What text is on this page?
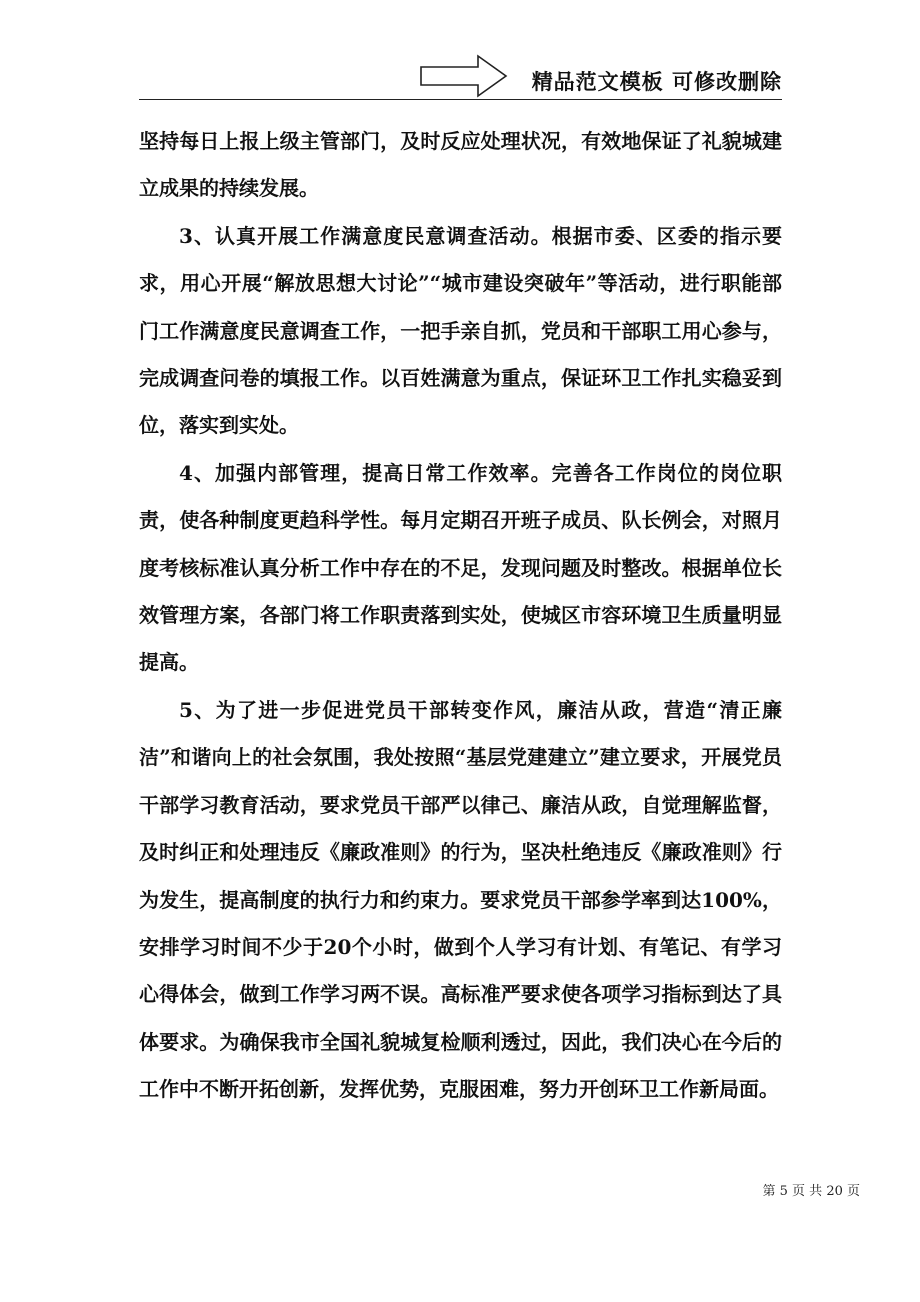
精品范文模板 可修改删除

坚持每日上报上级主管部门，及时反应处理状况，有效地保证了礼貌城建立成果的持续发展。

3、认真开展工作满意度民意调查活动。根据市委、区委的指示要求，用心开展“解放思想大讨论”“城市建设突破年”等活动，进行职能部门工作满意度民意调查工作，一把手亲自抓，党员和干部职工用心参与，完成调查问卷的填报工作。以百姓满意为重点，保证环卫工作扎实稳妥到位，落实到实处。

4、加强内部管理，提高日常工作效率。完善各工作岗位的岗位职责，使各种制度更趋科学性。每月定期召开班子成员、队长例会，对照月度考核标准认真分析工作中存在的不足，发现问题及时整改。根据单位长效管理方案，各部门将工作职责落到实处，使城区市容环境卫生质量明显提高。

5、为了进一步促进党员干部转变作风，廉洁从政，营造“清正廉洁”和谐向上的社会氛围，我处按照“基层党建建立”建立要求，开展党员干部学习教育活动，要求党员干部严以律己、廉洁从政，自觉理解监督，及时纠正和处理违反《廉政准则》的行为，坚决杜绝违反《廉政准则》行为发生，提高制度的执行力和约束力。要求党员干部参学率到达100%，安排学习时间不少于20个小时，做到个人学习有计划、有笔记、有学习心得体会，做到工作学习两不误。高标准严要求使各项学习指标到达了具体要求。为确保我市全国礼貌城复检顺利透过，因此，我们决心在今后的工作中不断开拓创新，发挥优势，克服困难，努力开创环卫工作新局面。

第 5 页 共 20 页
